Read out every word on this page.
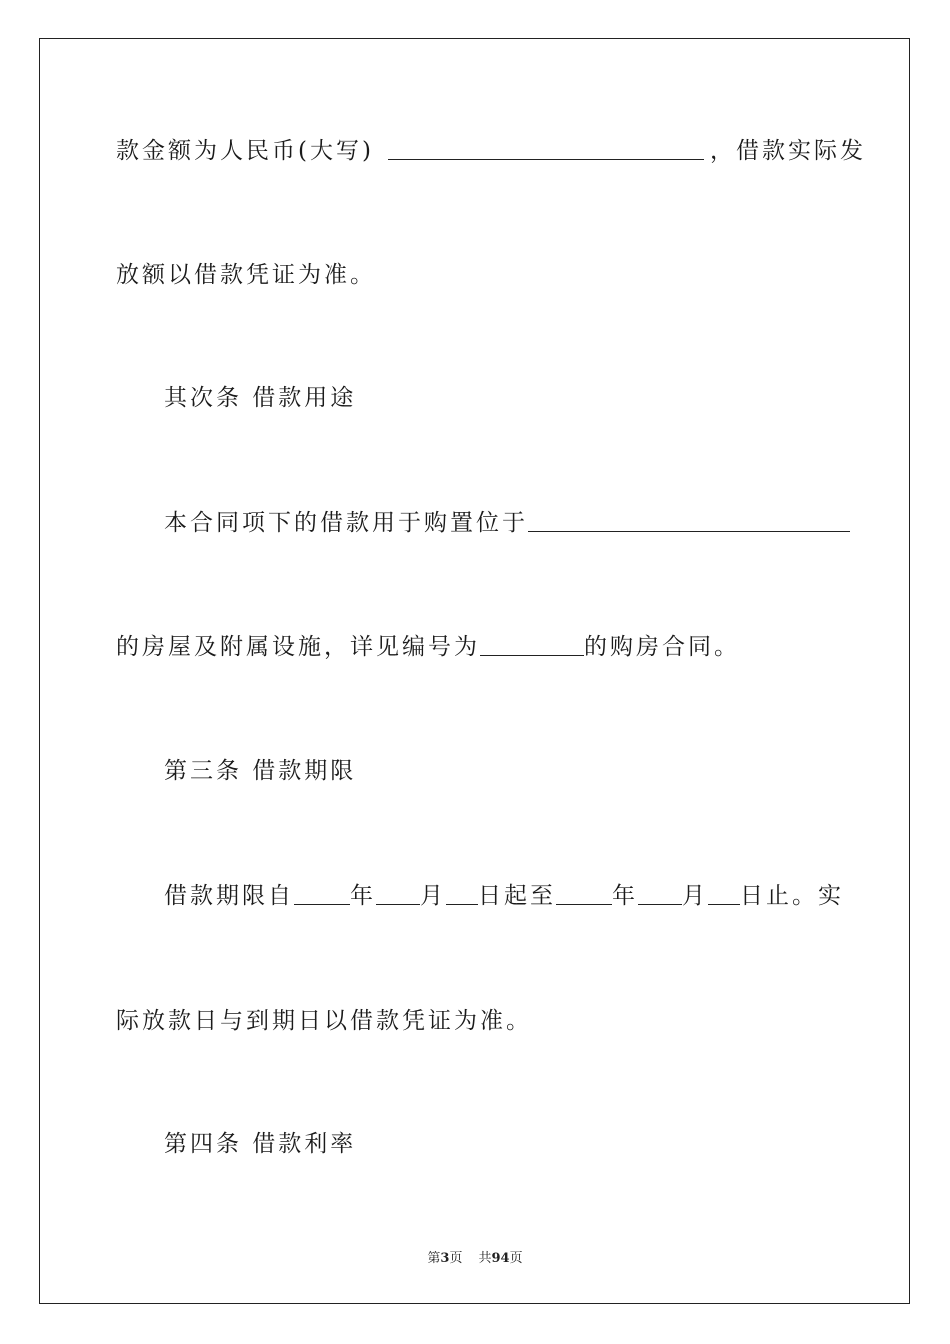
款金额为人民币(大写)	，借款实际发
放额以借款凭证为准。
其次条 借款用途
本合同项下的借款用于购置位于
的房屋及附属设施，详见编号为	的购房合同。
第三条 借款期限
借款期限自 年 月 日起至 年 月 日止。实
际放款日与到期日以借款凭证为准。
第四条 借款利率
第3页 共94页
